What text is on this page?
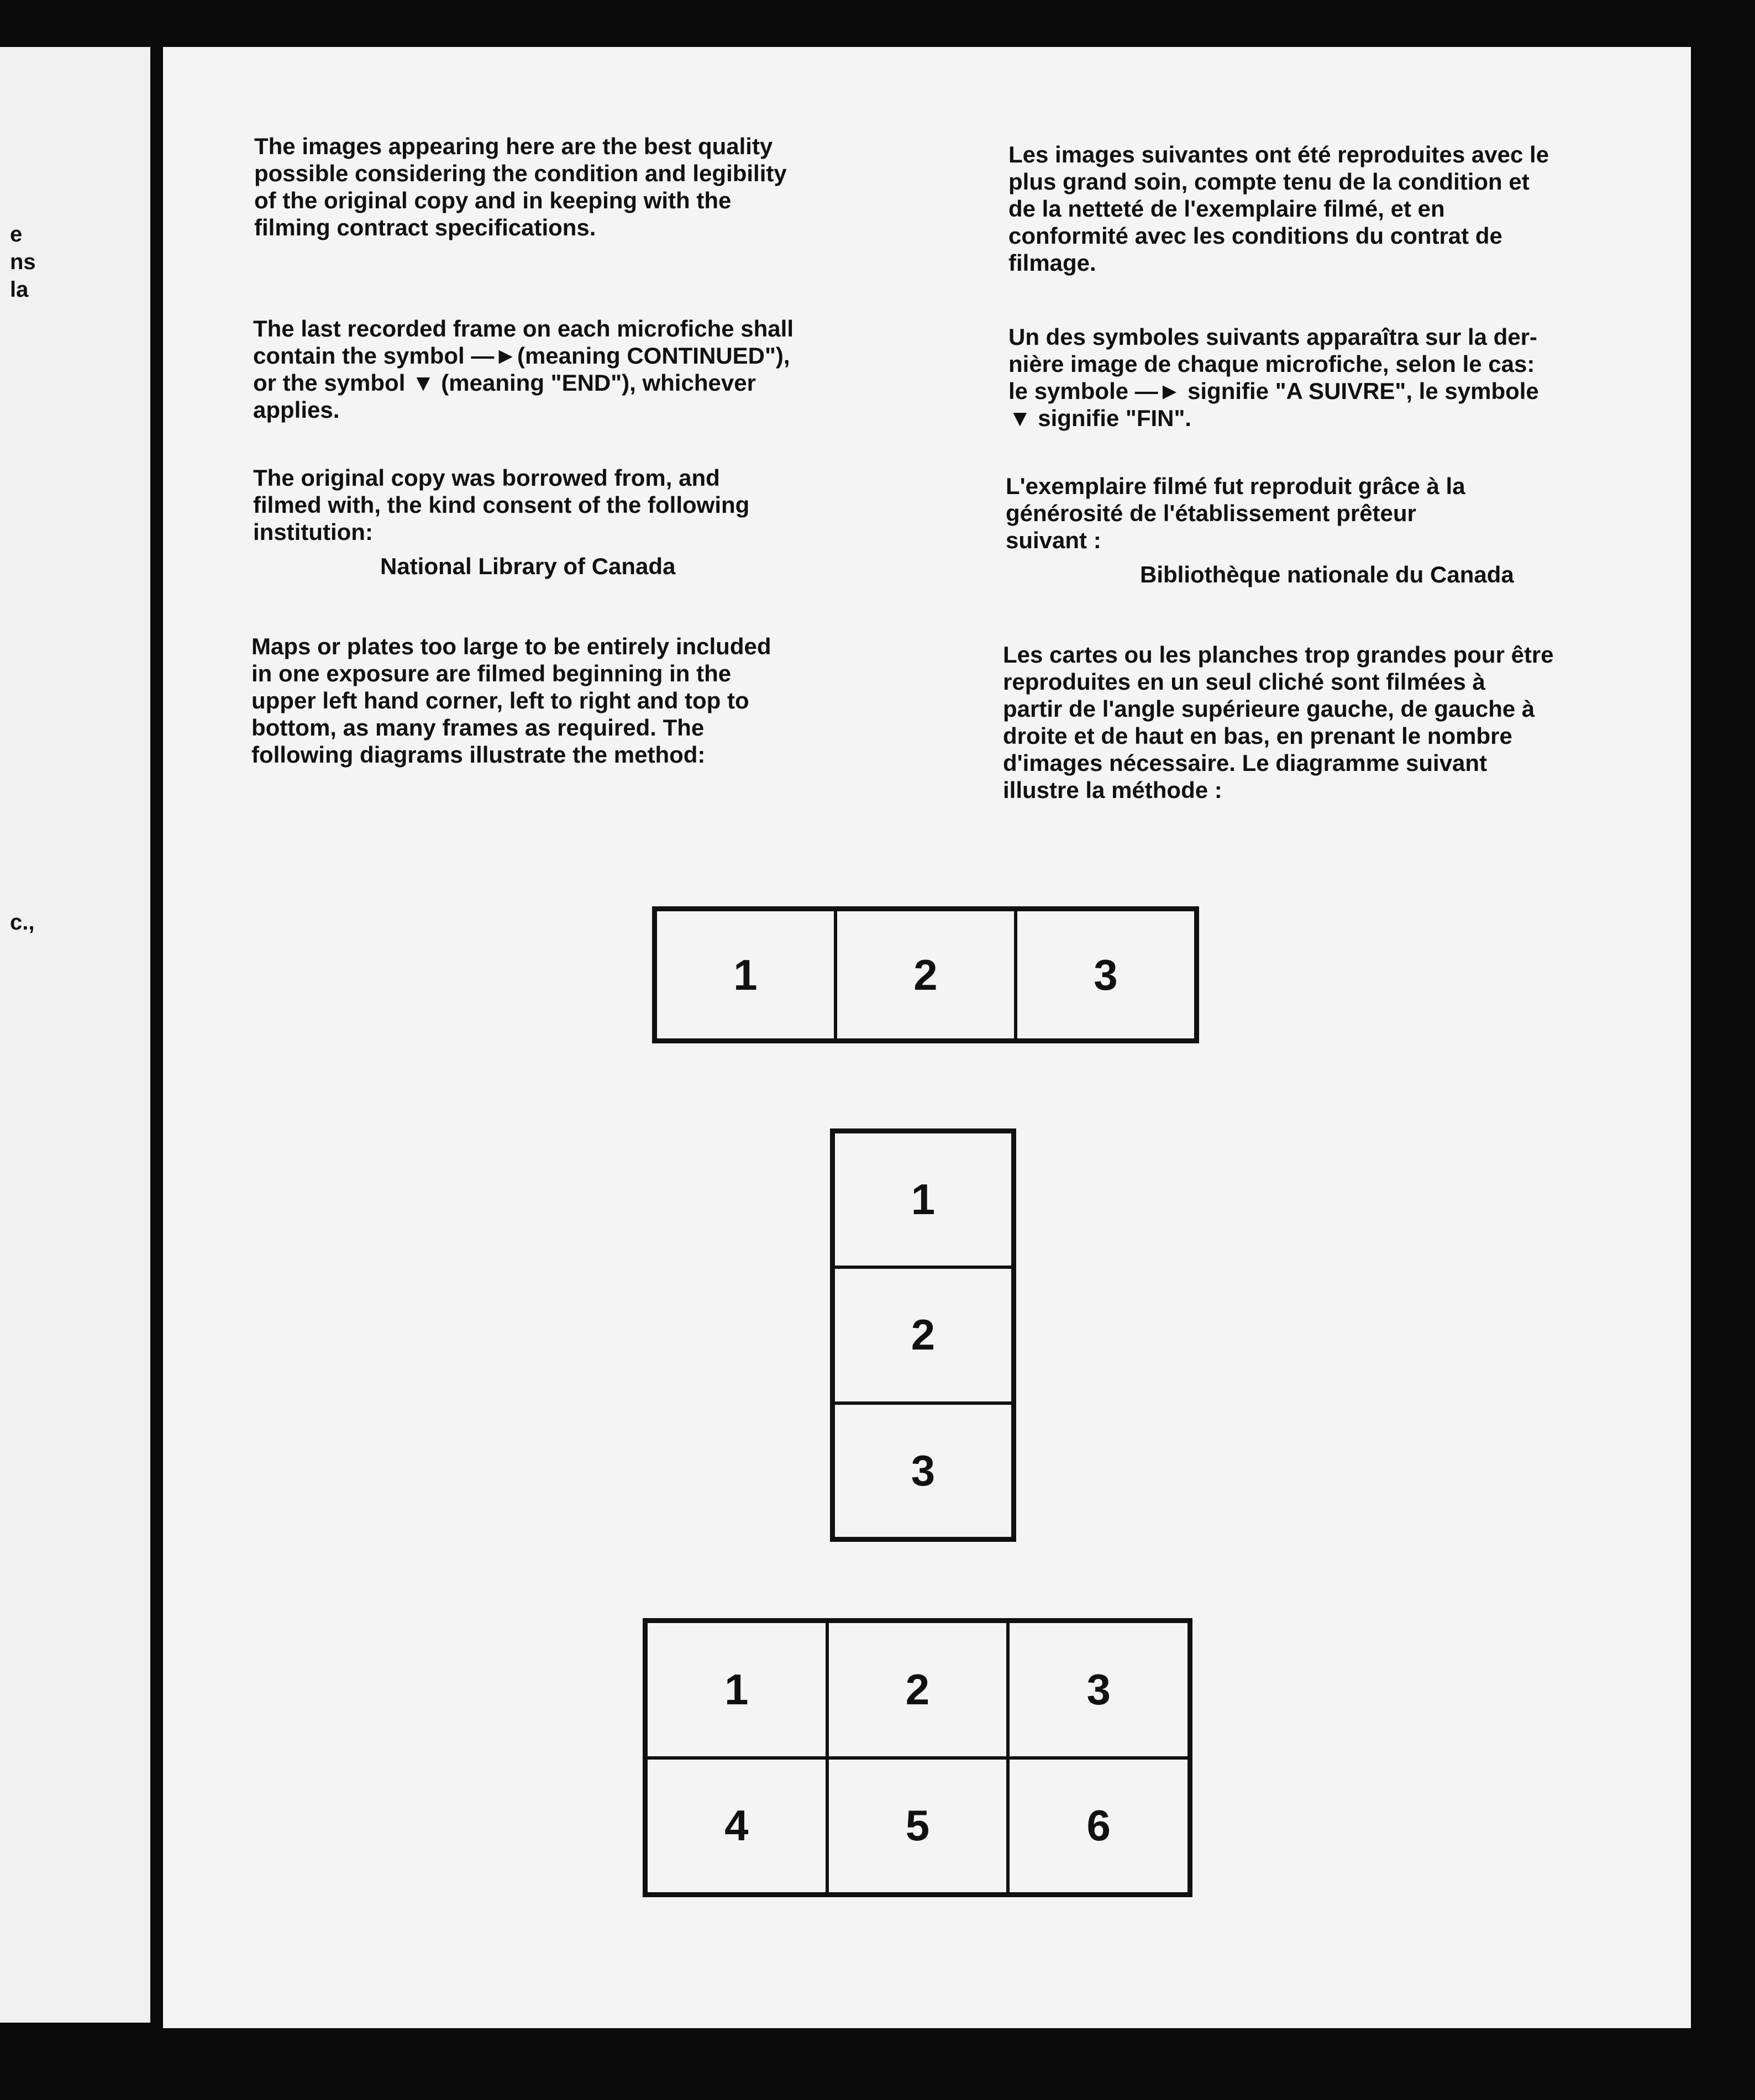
e
ns
la
c.,

The images appearing here are the best quality
possible considering the condition and legibility
of the original copy and in keeping with the
filming contract specifications.

The last recorded frame on each microfiche shall
contain the symbol —►(meaning CONTINUED"),
or the symbol ▼ (meaning "END"), whichever
applies.

The original copy was borrowed from, and
filmed with, the kind consent of the following
institution:

National Library of Canada

Maps or plates too large to be entirely included
in one exposure are filmed beginning in the
upper left hand corner, left to right and top to
bottom, as many frames as required. The
following diagrams illustrate the method:

Les images suivantes ont été reproduites avec le
plus grand soin, compte tenu de la condition et
de la netteté de l'exemplaire filmé, et en
conformité avec les conditions du contrat de
filmage.

Un des symboles suivants apparaîtra sur la der-
nière image de chaque microfiche, selon le cas:
le symbole —► signifie "A SUIVRE", le symbole
▼ signifie "FIN".

L'exemplaire filmé fut reproduit grâce à la
générosité de l'établissement prêteur
suivant :

Bibliothèque nationale du Canada

Les cartes ou les planches trop grandes pour être
reproduites en un seul cliché sont filmées à
partir de l'angle supérieure gauche, de gauche à
droite et de haut en bas, en prenant le nombre
d'images nécessaire. Le diagramme suivant
illustre la méthode :

1	2	3
1
2
3
1	2	3
4	5	6
